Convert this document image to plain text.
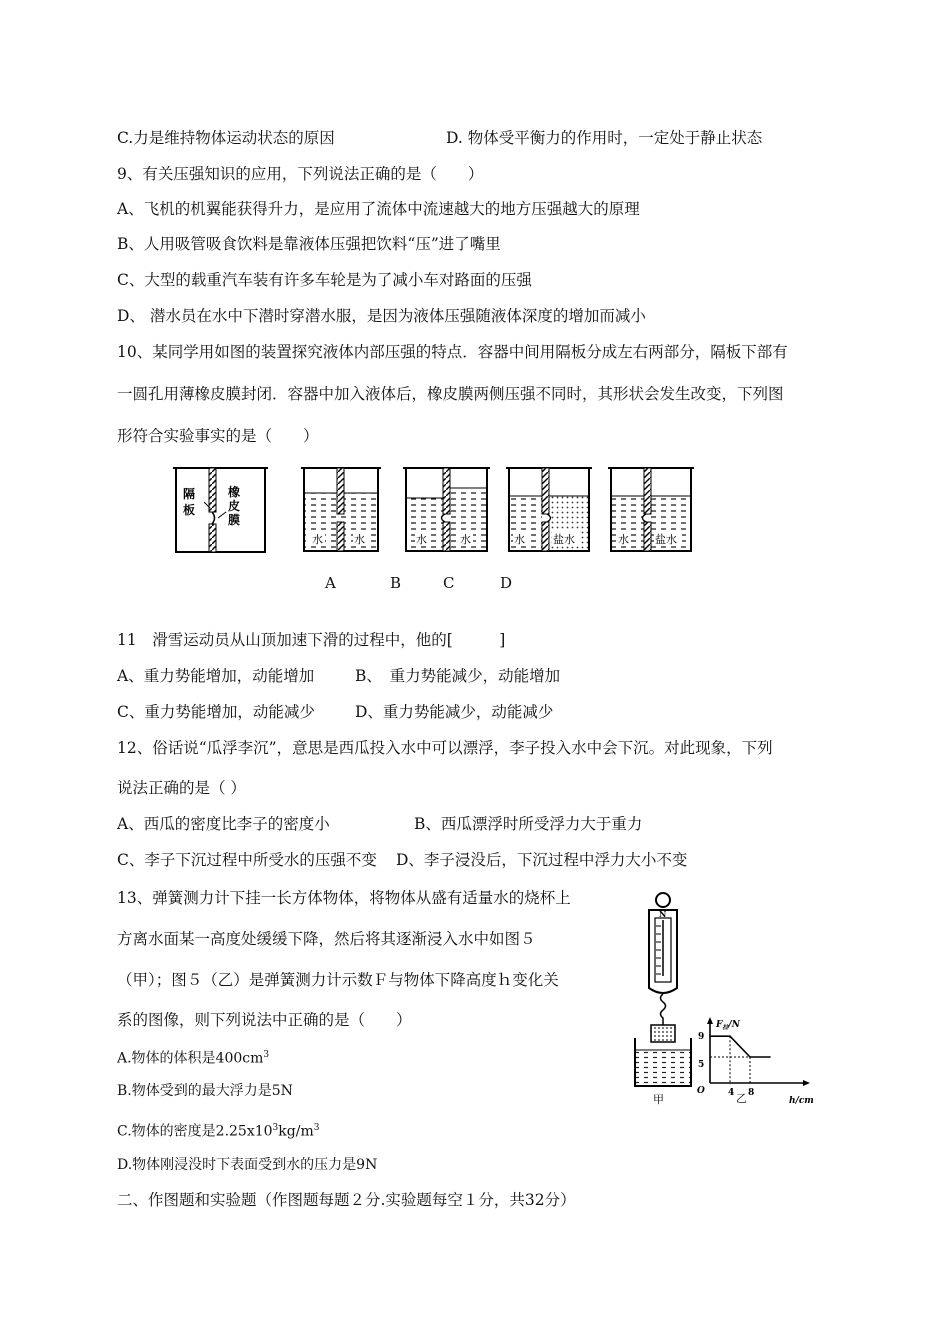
C.力是维持物体运动状态的原因	D. 物体受平衡力的作用时，一定处于静止状态
9、有关压强知识的应用，下列说法正确的是（　　）
A、飞机的机翼能获得升力，是应用了流体中流速越大的地方压强越大的原理
B、人用吸管吸食饮料是靠液体压强把饮料“压”进了嘴里
C、大型的载重汽车装有许多车轮是为了减小车对路面的压强
D、 潜水员在水中下潜时穿潜水服，是因为液体压强随液体深度的增加而减小
10、某同学用如图的装置探究液体内部压强的特点．容器中间用隔板分成左右两部分，隔板下部有
一圆孔用薄橡皮膜封闭．容器中加入液体后，橡皮膜两侧压强不同时，其形状会发生改变，下列图
形符合实验事实的是（　　）
隔
板
橡
皮
膜
水	水	水	水	水	盐水	水 盐水
A	B	C	D
11　滑雪运动员从山顶加速下滑的过程中，他的[　　　]
A、重力势能增加，动能增加	B、　重力势能减少，动能增加
C、重力势能增加，动能减少	D、重力势能减少，动能减少
12、俗话说“瓜浮李沉”，意思是西瓜投入水中可以漂浮，李子投入水中会下沉。对此现象，下列
说法正确的是（ ）
A、西瓜的密度比李子的密度小	B、西瓜漂浮时所受浮力大于重力
C、李子下沉过程中所受水的压强不变 D、李子浸没后，下沉过程中浮力大小不变
13、弹簧测力计下挂一长方体物体，将物体从盛有适量水的烧杯上
方离水面某一高度处缓缓下降，然后将其逐渐浸入水中如图５
（甲）；图５（乙）是弹簧测力计示数Ｆ与物体下降高度ｈ变化关
系的图像，则下列说法中正确的是（　　）
A.物体的体积是$400cm^3$
B.物体受到的最大浮力是5N
C.物体的密度是$2.25x10^3kg/m^3$
D.物体刚浸没时下表面受到水的压力是9N
N
甲
$F_拉/N$
h/cm
O
9
5
4 8
乙
二、作图题和实验题（作图题每题２分.实验题每空１分，共32分）
